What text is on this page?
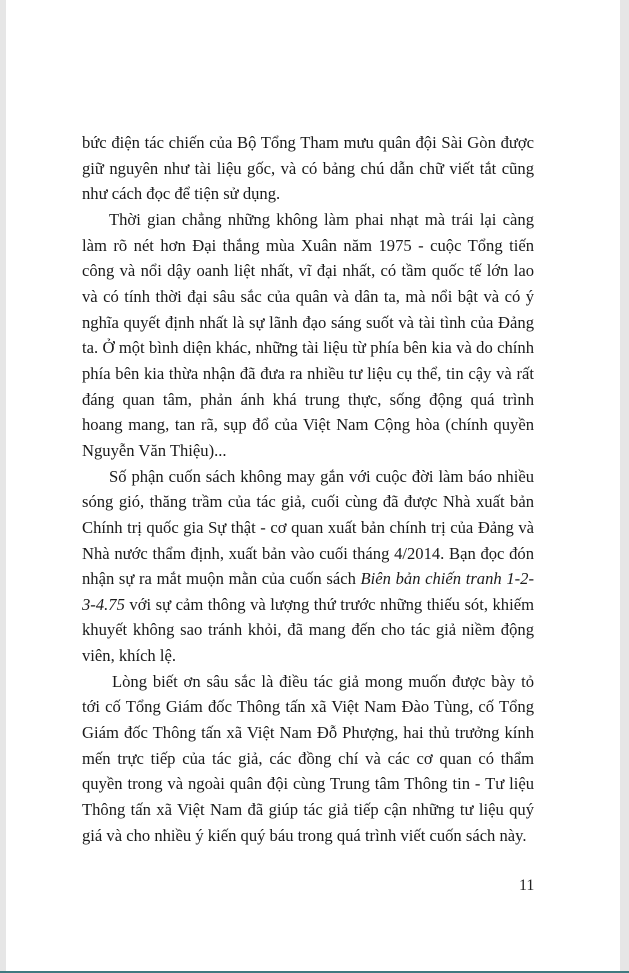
bức điện tác chiến của Bộ Tổng Tham mưu quân đội Sài Gòn được giữ nguyên như tài liệu gốc, và có bảng chú dẫn chữ viết tắt cũng như cách đọc để tiện sử dụng.

Thời gian chẳng những không làm phai nhạt mà trái lại càng làm rõ nét hơn Đại thắng mùa Xuân năm 1975 - cuộc Tổng tiến công và nổi dậy oanh liệt nhất, vĩ đại nhất, có tầm quốc tế lớn lao và có tính thời đại sâu sắc của quân và dân ta, mà nổi bật và có ý nghĩa quyết định nhất là sự lãnh đạo sáng suốt và tài tình của Đảng ta. Ở một bình diện khác, những tài liệu từ phía bên kia và do chính phía bên kia thừa nhận đã đưa ra nhiều tư liệu cụ thể, tin cậy và rất đáng quan tâm, phản ánh khá trung thực, sống động quá trình hoang mang, tan rã, sụp đổ của Việt Nam Cộng hòa (chính quyền Nguyễn Văn Thiệu)...

Số phận cuốn sách không may gắn với cuộc đời làm báo nhiều sóng gió, thăng trầm của tác giả, cuối cùng đã được Nhà xuất bản Chính trị quốc gia Sự thật - cơ quan xuất bản chính trị của Đảng và Nhà nước thẩm định, xuất bản vào cuối tháng 4/2014. Bạn đọc đón nhận sự ra mắt muộn mằn của cuốn sách Biên bản chiến tranh 1-2-3-4.75 với sự cảm thông và lượng thứ trước những thiếu sót, khiếm khuyết không sao tránh khỏi, đã mang đến cho tác giả niềm động viên, khích lệ.

Lòng biết ơn sâu sắc là điều tác giả mong muốn được bày tỏ tới cố Tổng Giám đốc Thông tấn xã Việt Nam Đào Tùng, cố Tổng Giám đốc Thông tấn xã Việt Nam Đỗ Phượng, hai thủ trưởng kính mến trực tiếp của tác giả, các đồng chí và các cơ quan có thẩm quyền trong và ngoài quân đội cùng Trung tâm Thông tin - Tư liệu Thông tấn xã Việt Nam đã giúp tác giả tiếp cận những tư liệu quý giá và cho nhiều ý kiến quý báu trong quá trình viết cuốn sách này.

11
